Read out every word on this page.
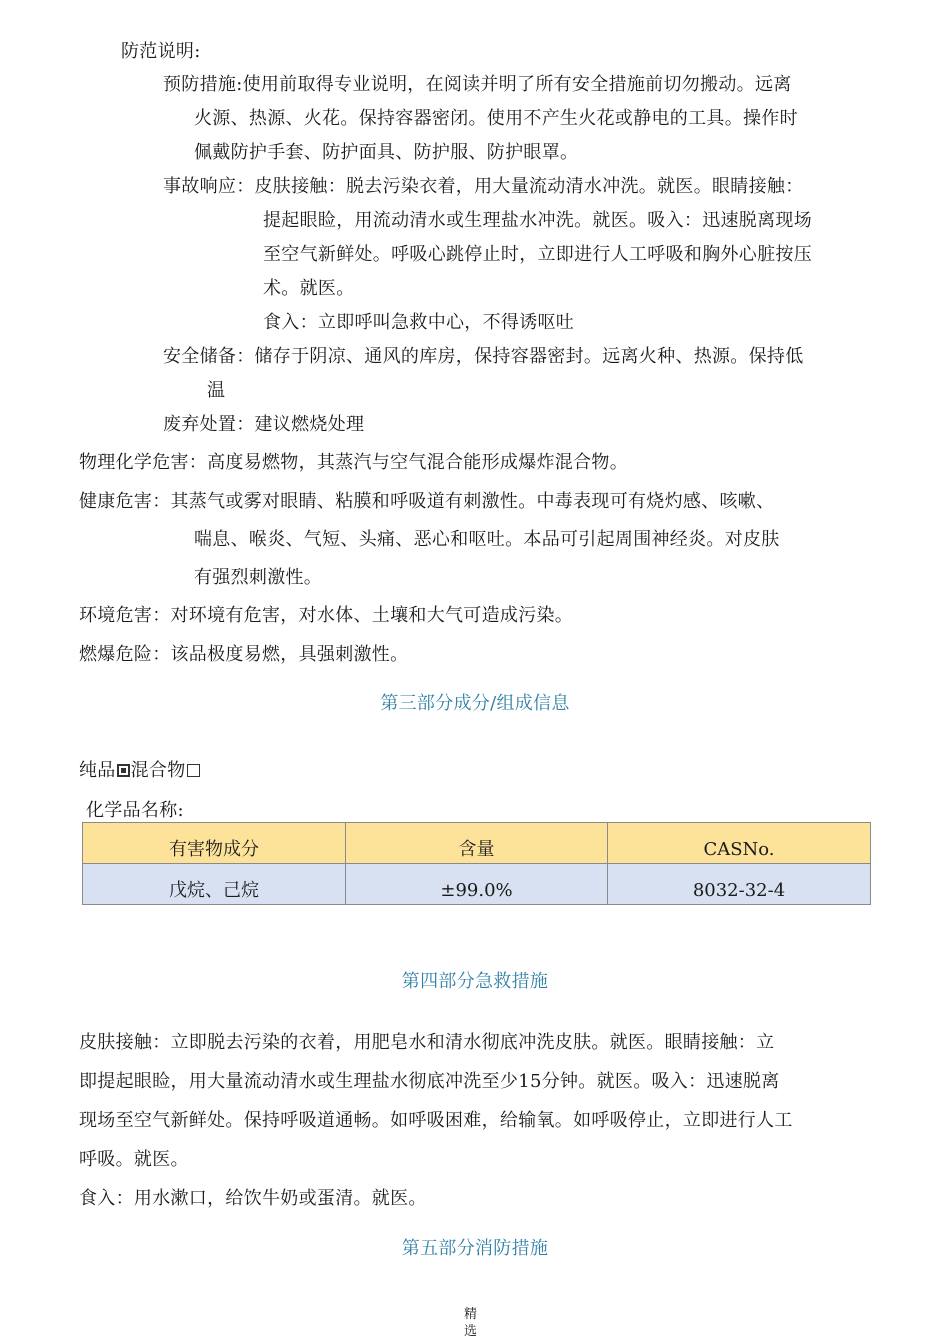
防范说明:
预防措施:使用前取得专业说明，在阅读并明了所有安全措施前切勿搬动。远离
火源、热源、火花。保持容器密闭。使用不产生火花或静电的工具。操作时
佩戴防护手套、防护面具、防护服、防护眼罩。
事故响应：皮肤接触：脱去污染衣着，用大量流动清水冲洗。就医。眼睛接触：
提起眼睑，用流动清水或生理盐水冲洗。就医。吸入：迅速脱离现场
至空气新鲜处。呼吸心跳停止时，立即进行人工呼吸和胸外心脏按压
术。就医。
食入：立即呼叫急救中心，不得诱呕吐
安全储备：储存于阴凉、通风的库房，保持容器密封。远离火种、热源。保持低
温
废弃处置：建议燃烧处理
物理化学危害：高度易燃物，其蒸汽与空气混合能形成爆炸混合物。
健康危害：其蒸气或雾对眼睛、粘膜和呼吸道有刺激性。中毒表现可有烧灼感、咳嗽、
喘息、喉炎、气短、头痛、恶心和呕吐。本品可引起周围神经炎。对皮肤
有强烈刺激性。
环境危害：对环境有危害，对水体、土壤和大气可造成污染。
燃爆危险：该品极度易燃，具强刺激性。
第三部分成分/组成信息
纯品 混合物
化学品名称:
有害物成分	含量	CASNo.
戊烷、己烷	±99.0%	8032-32-4
第四部分急救措施
皮肤接触：立即脱去污染的衣着，用肥皂水和清水彻底冲洗皮肤。就医。眼睛接触：立
即提起眼睑，用大量流动清水或生理盐水彻底冲洗至少15分钟。就医。吸入：迅速脱离
现场至空气新鲜处。保持呼吸道通畅。如呼吸困难，给输氧。如呼吸停止，立即进行人工
呼吸。就医。
食入：用水漱口，给饮牛奶或蛋清。就医。
第五部分消防措施
精
选
